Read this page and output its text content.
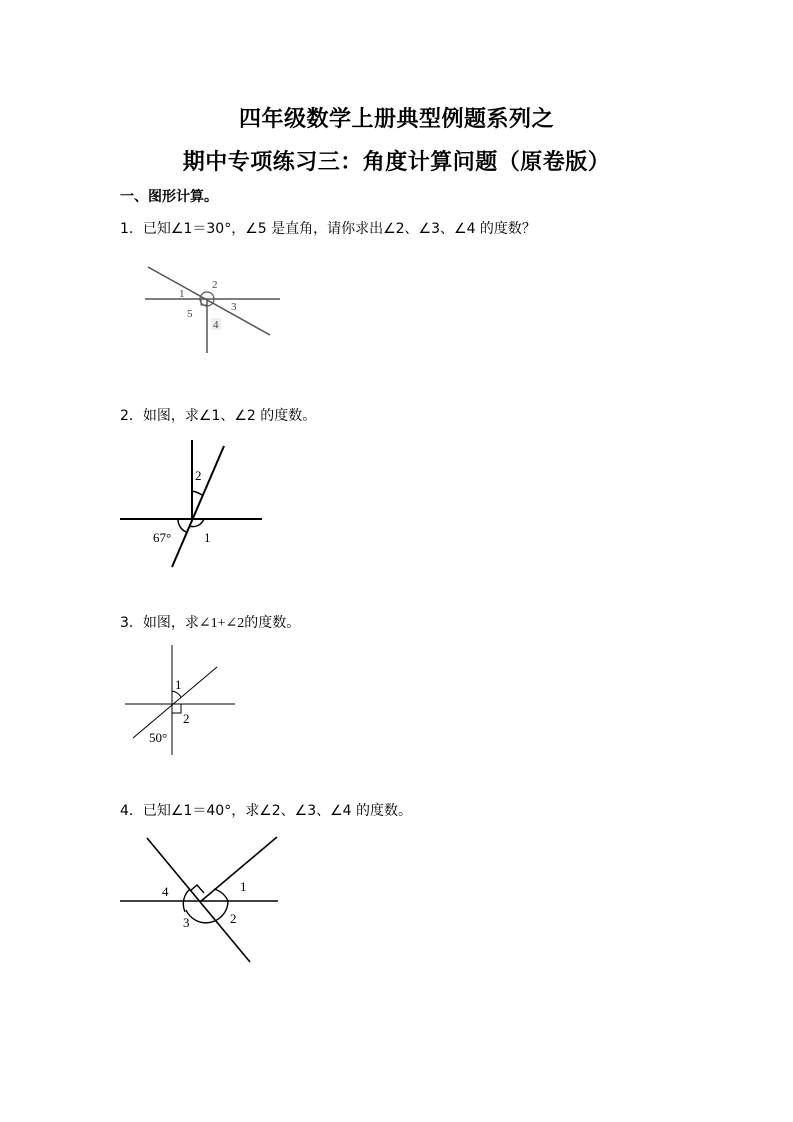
四年级数学上册典型例题系列之
期中专项练习三：角度计算问题（原卷版）
一、图形计算。
1．已知∠1＝30°，∠5 是直角，请你求出∠2、∠3、∠4 的度数？
1
2
3
4
5
2．如图，求∠1、∠2 的度数。
2
67°	1
3．如图，求∠1+∠2的度数。
1
2
50°
4．已知∠1＝40°，求∠2、∠3、∠4 的度数。
4	1
3	2
